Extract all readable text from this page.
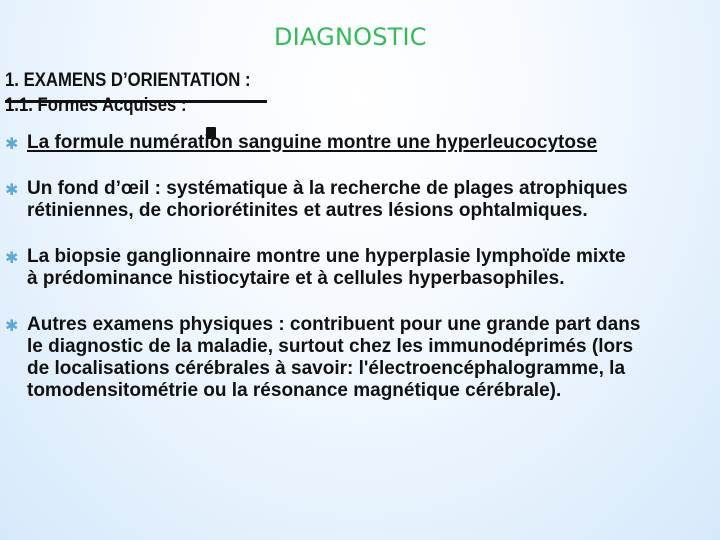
DIAGNOSTIC
1. EXAMENS D’ORIENTATION :
1.1. Formes Acquises :
✱ La formule numération sanguine montre une hyperleucocytose
✱ Un fond d’œil : systématique à la recherche de plages atrophiques
rétiniennes, de choriorétinites et autres lésions ophtalmiques.
✱ La biopsie ganglionnaire montre une hyperplasie lymphoïde mixte
à prédominance histiocytaire et à cellules hyperbasophiles.
✱ Autres examens physiques : contribuent pour une grande part dans
le diagnostic de la maladie, surtout chez les immunodéprimés (lors
de localisations cérébrales à savoir: l'électroencéphalogramme, la
tomodensitométrie ou la résonance magnétique cérébrale).
